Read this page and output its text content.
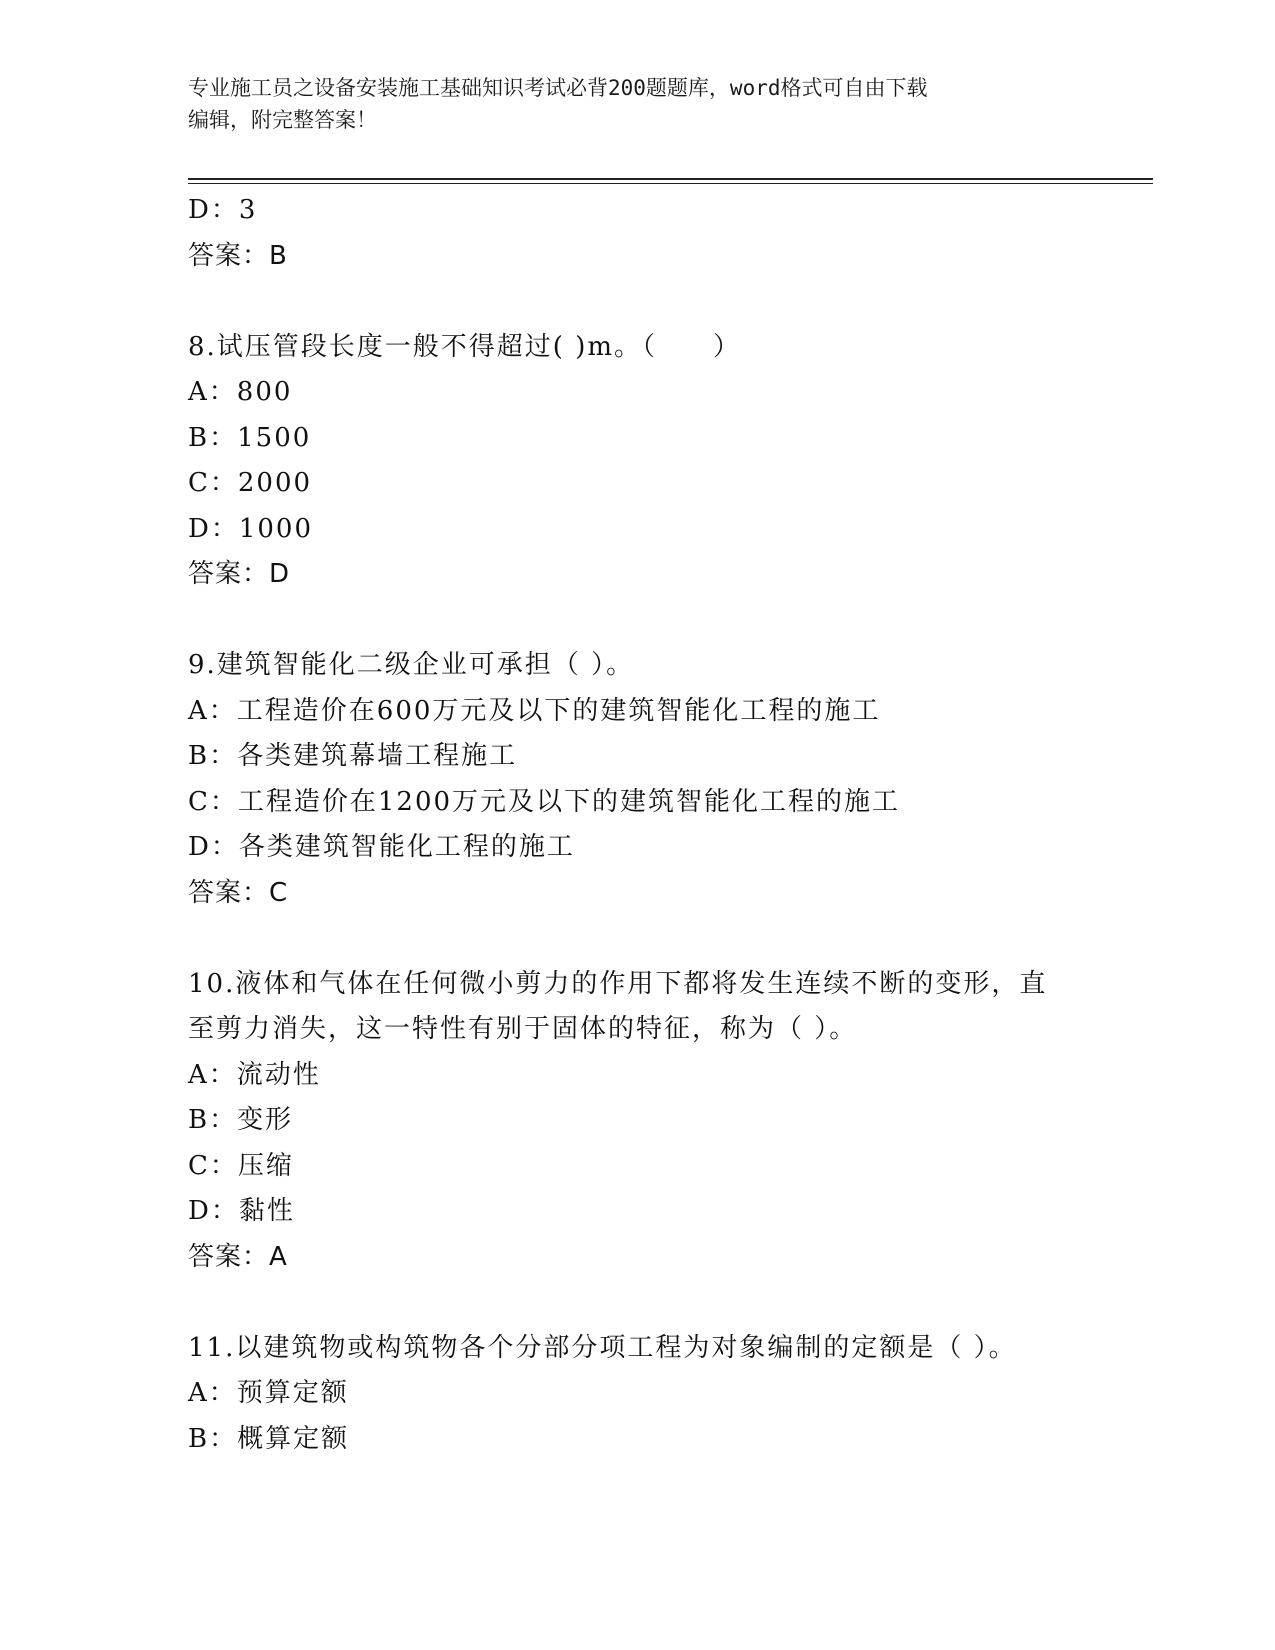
专业施工员之设备安装施工基础知识考试必背200题题库，word格式可自由下载
编辑，附完整答案！
D：3
答案：B
8.试压管段长度一般不得超过( )m。（　　）
A：800
B：1500
C：2000
D：1000
答案：D
9.建筑智能化二级企业可承担（ ）。
A：工程造价在600万元及以下的建筑智能化工程的施工
B：各类建筑幕墙工程施工
C：工程造价在1200万元及以下的建筑智能化工程的施工
D：各类建筑智能化工程的施工
答案：C
10.液体和气体在任何微小剪力的作用下都将发生连续不断的变形，直
至剪力消失，这一特性有别于固体的特征，称为（ ）。
A：流动性
B：变形
C：压缩
D：黏性
答案：A
11.以建筑物或构筑物各个分部分项工程为对象编制的定额是（ ）。
A：预算定额
B：概算定额
